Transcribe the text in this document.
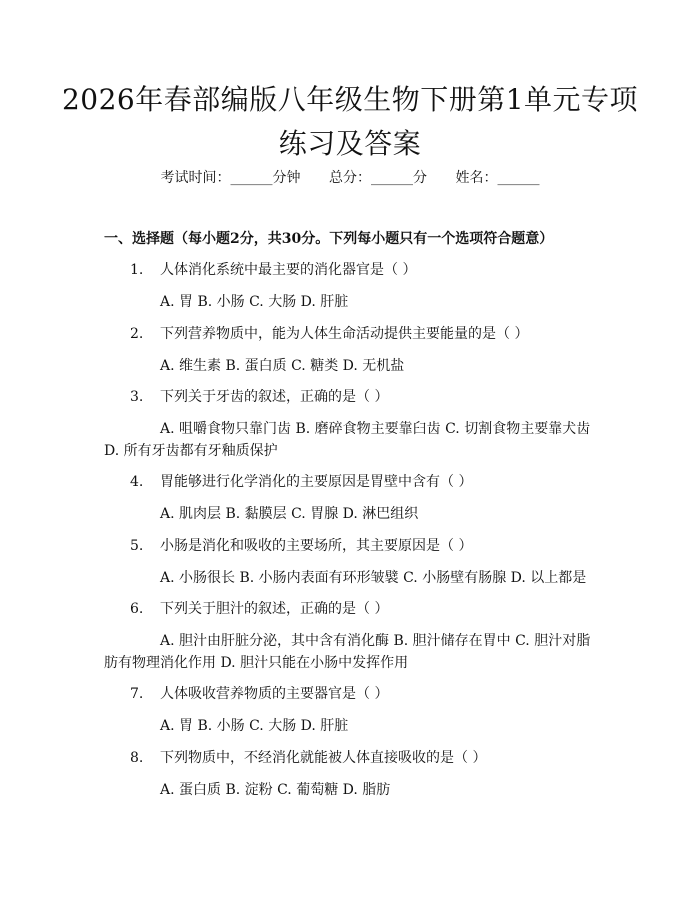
2026年春部编版八年级生物下册第1单元专项练习及答案
考试时间：______分钟 总分：______分 姓名：______
一、选择题（每小题2分，共30分。下列每小题只有一个选项符合题意）
1.	人体消化系统中最主要的消化器官是（ ）
A. 胃 B. 小肠 C. 大肠 D. 肝脏
2.	下列营养物质中，能为人体生命活动提供主要能量的是（ ）
A. 维生素 B. 蛋白质 C. 糖类 D. 无机盐
3.	下列关于牙齿的叙述，正确的是（ ）
A. 咀嚼食物只靠门齿 B. 磨碎食物主要靠臼齿 C. 切割食物主要靠犬齿 D. 所有牙齿都有牙釉质保护
4.	胃能够进行化学消化的主要原因是胃壁中含有（ ）
A. 肌肉层 B. 黏膜层 C. 胃腺 D. 淋巴组织
5.	小肠是消化和吸收的主要场所，其主要原因是（ ）
A. 小肠很长 B. 小肠内表面有环形皱襞 C. 小肠壁有肠腺 D. 以上都是
6.	下列关于胆汁的叙述，正确的是（ ）
A. 胆汁由肝脏分泌，其中含有消化酶 B. 胆汁储存在胃中 C. 胆汁对脂肪有物理消化作用 D. 胆汁只能在小肠中发挥作用
7.	人体吸收营养物质的主要器官是（ ）
A. 胃 B. 小肠 C. 大肠 D. 肝脏
8.	下列物质中，不经消化就能被人体直接吸收的是（ ）
A. 蛋白质 B. 淀粉 C. 葡萄糖 D. 脂肪
